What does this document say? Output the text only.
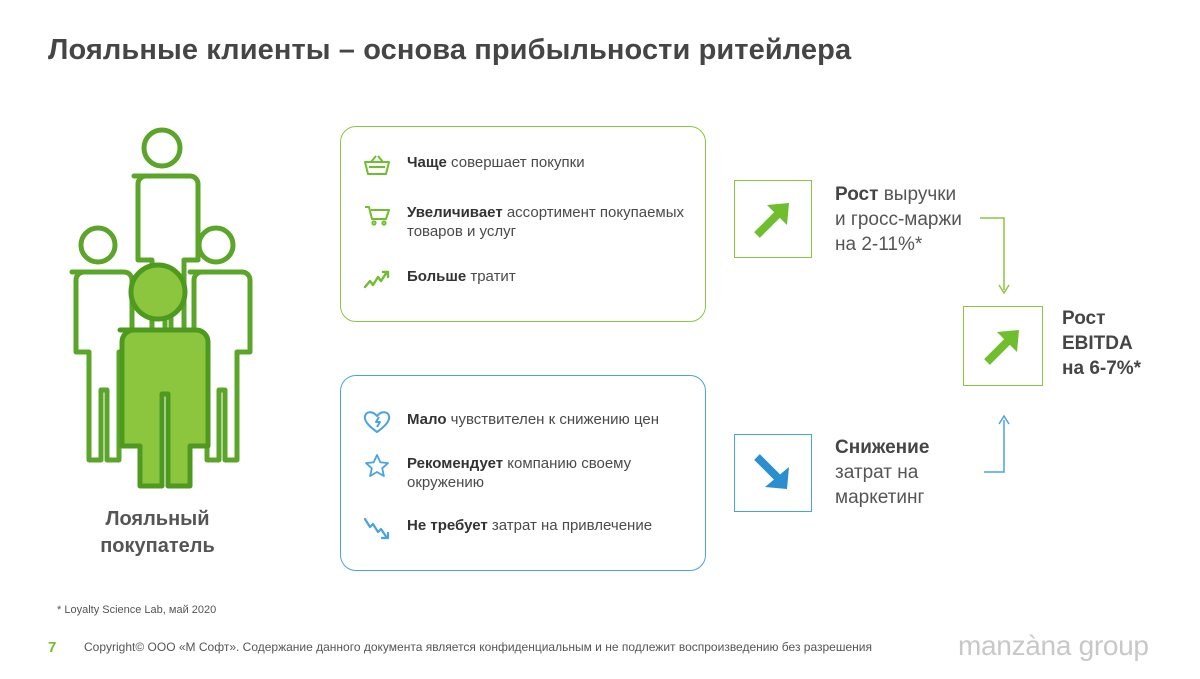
Лояльные клиенты – основа прибыльности ритейлера
Лояльный
покупатель
Чаще совершает покупки
Увеличивает ассортимент покупаемых товаров и услуг
Больше тратит
Мало чувствителен к снижению цен
Рекомендует компанию своему окружению
Не требует затрат на привлечение
Рост выручки
и гросс-маржи
на 2-11%*
Снижение
затрат на
маркетинг
Рост
EBITDA
на 6-7%*
* Loyalty Science Lab, май 2020
7 Copyright© ООО «М Софт». Содержание данного документа является конфиденциальным и не подлежит воспроизведению без разрешения	manzàna group
